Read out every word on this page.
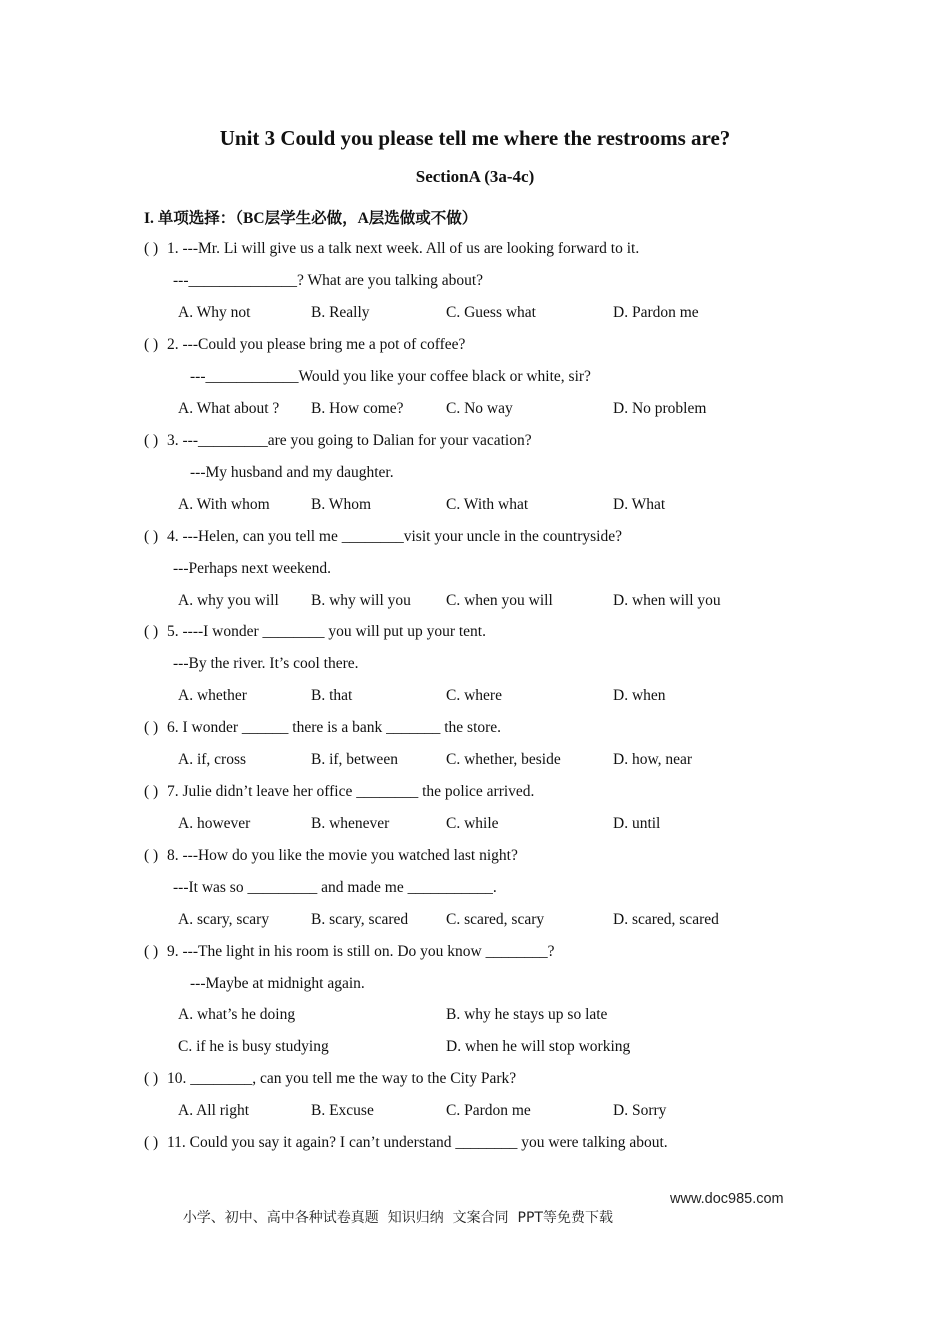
Unit 3 Could you please tell me where the restrooms are?
SectionA (3a-4c)
I. 单项选择：（BC层学生必做，A层选做或不做）
( ) 1. ---Mr. Li will give us a talk next week. All of us are looking forward to it.
---______________? What are you talking about?
A. Why not	B. Really	C. Guess what	D. Pardon me
( ) 2. ---Could you please bring me a pot of coffee?
---____________Would you like your coffee black or white, sir?
A. What about ? B. How come?	C. No way	D. No problem
( ) 3. ---_________are you going to Dalian for your vacation?
---My husband and my daughter.
A. With whom	B. Whom	C. With what	D. What
( ) 4. ---Helen, can you tell me ________visit your uncle in the countryside?
---Perhaps next weekend.
A. why you will B. why will you C. when you will	D. when will you
( ) 5. ----I wonder ________ you will put up your tent.
---By the river. It’s cool there.
A. whether	B. that	C. where	D. when
( ) 6. I wonder ______ there is a bank _______ the store.
A. if, cross	B. if, between	C. whether, beside	D. how, near
( ) 7. Julie didn’t leave her office ________ the police arrived.
A. however	B. whenever	C. while	D. until
( ) 8. ---How do you like the movie you watched last night?
---It was so _________ and made me ___________.
A. scary, scary	B. scary, scared C. scared, scary	D. scared, scared
( ) 9. ---The light in his room is still on. Do you know ________?
---Maybe at midnight again.
A. what’s he doing	B. why he stays up so late
C. if he is busy studying	D. when he will stop working
( ) 10. ________, can you tell me the way to the City Park?
A. All right	B. Excuse	C. Pardon me	D. Sorry
( ) 11. Could you say it again? I can’t understand ________ you were talking about.

小学、初中、高中各种试卷真题  知识归纳  文案合同  PPT等免费下载

www.doc985.com
